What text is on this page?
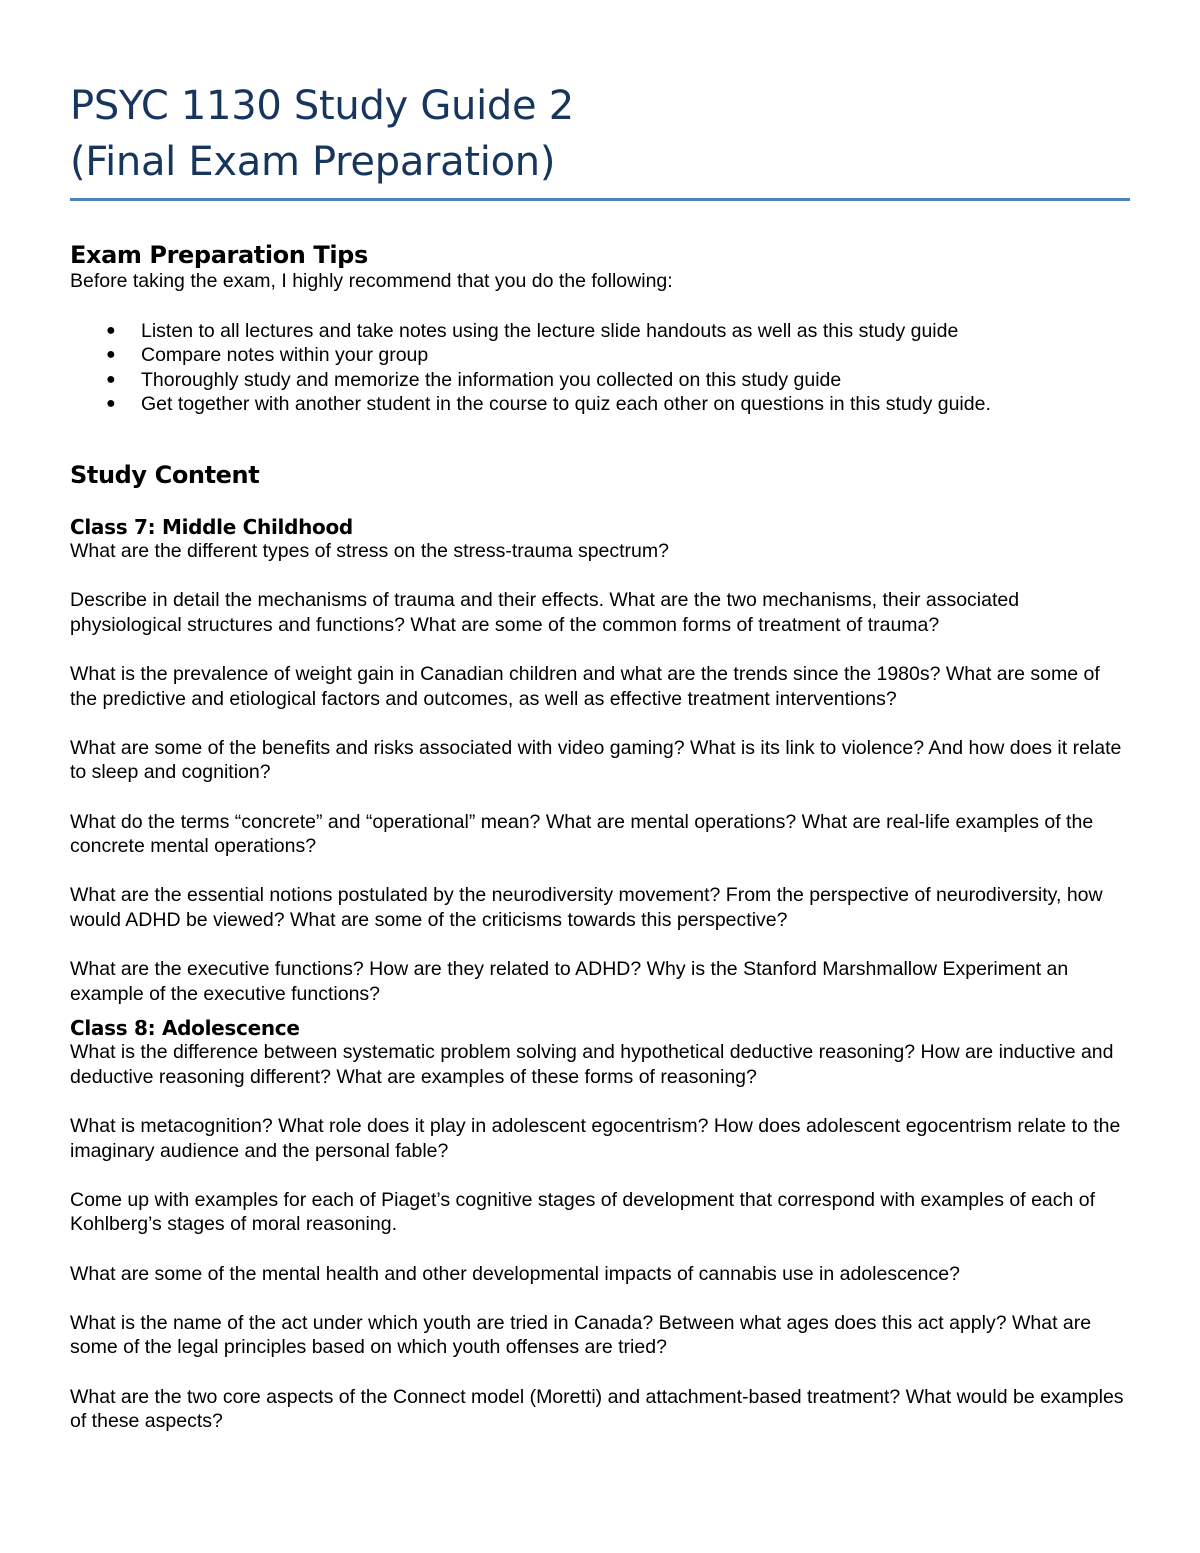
PSYC 1130 Study Guide 2
(Final Exam Preparation)
Exam Preparation Tips

Before taking the exam, I highly recommend that you do the following:

● Listen to all lectures and take notes using the lecture slide handouts as well as this study guide
● Compare notes within your group
● Thoroughly study and memorize the information you collected on this study guide
● Get together with another student in the course to quiz each other on questions in this study guide.
Study Content
Class 7: Middle Childhood

What are the different types of stress on the stress-trauma spectrum?

Describe in detail the mechanisms of trauma and their effects. What are the two mechanisms, their associated physiological structures and functions? What are some of the common forms of treatment of trauma?

What is the prevalence of weight gain in Canadian children and what are the trends since the 1980s? What are some of the predictive and etiological factors and outcomes, as well as effective treatment interventions?

What are some of the benefits and risks associated with video gaming? What is its link to violence? And how does it relate to sleep and cognition?

What do the terms “concrete” and “operational” mean? What are mental operations? What are real-life examples of the concrete mental operations?

What are the essential notions postulated by the neurodiversity movement? From the perspective of neurodiversity, how would ADHD be viewed? What are some of the criticisms towards this perspective?

What are the executive functions? How are they related to ADHD? Why is the Stanford Marshmallow Experiment an example of the executive functions?

Class 8: Adolescence

What is the difference between systematic problem solving and hypothetical deductive reasoning? How are inductive and deductive reasoning different? What are examples of these forms of reasoning?

What is metacognition? What role does it play in adolescent egocentrism? How does adolescent egocentrism relate to the imaginary audience and the personal fable?

Come up with examples for each of Piaget’s cognitive stages of development that correspond with examples of each of Kohlberg’s stages of moral reasoning.

What are some of the mental health and other developmental impacts of cannabis use in adolescence?

What is the name of the act under which youth are tried in Canada? Between what ages does this act apply? What are some of the legal principles based on which youth offenses are tried?

What are the two core aspects of the Connect model (Moretti) and attachment-based treatment? What would be examples of these aspects?
